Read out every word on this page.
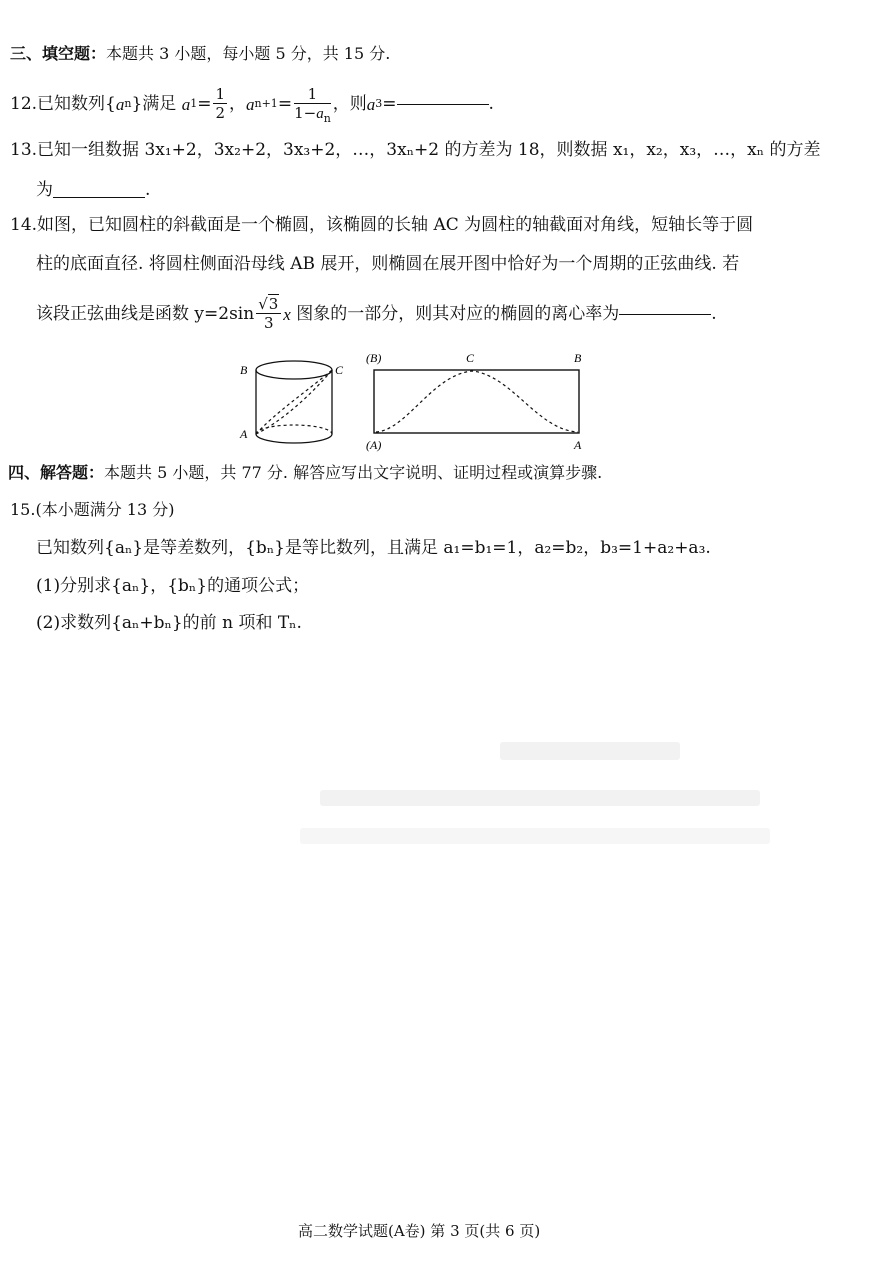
三、填空题：本题共 3 小题，每小题 5 分，共 15 分.
12. 已知数列{ a n }满足
a $1 = \frac{1}{2}$ ， a $n+1 = \frac{1}{1-a_n}$ ，则 a 3 =	.
13.已知一组数据 3x₁+2，3x₂+2，3x₃+2，…，3xₙ+2 的方差为 18，则数据 x₁，x₂，x₃，…，xₙ 的方差
为	.
14.如图，已知圆柱的斜截面是一个椭圆，该椭圆的长轴 AC 为圆柱的轴截面对角线，短轴长等于圆
柱的底面直径. 将圆柱侧面沿母线 AB 展开，则椭圆在展开图中恰好为一个周期的正弦曲线. 若
该段正弦曲线是函数 $y=2\sin \frac{√3}{3}$ x
图象的一部分，则其对应的椭圆的离心率为	.
B	C
A
(B)	C	B
(A)	A
四、解答题：本题共 5 小题，共 77 分. 解答应写出文字说明、证明过程或演算步骤.
15.(本小题满分 13 分)
已知数列{aₙ}是等差数列，{bₙ}是等比数列，且满足 a₁=b₁=1，a₂=b₂，b₃=1+a₂+a₃.
(1)分别求{aₙ}，{bₙ}的通项公式；
(2)求数列{aₙ+bₙ}的前 n 项和 Tₙ.
高二数学试题(A卷) 第 3 页(共 6 页)
